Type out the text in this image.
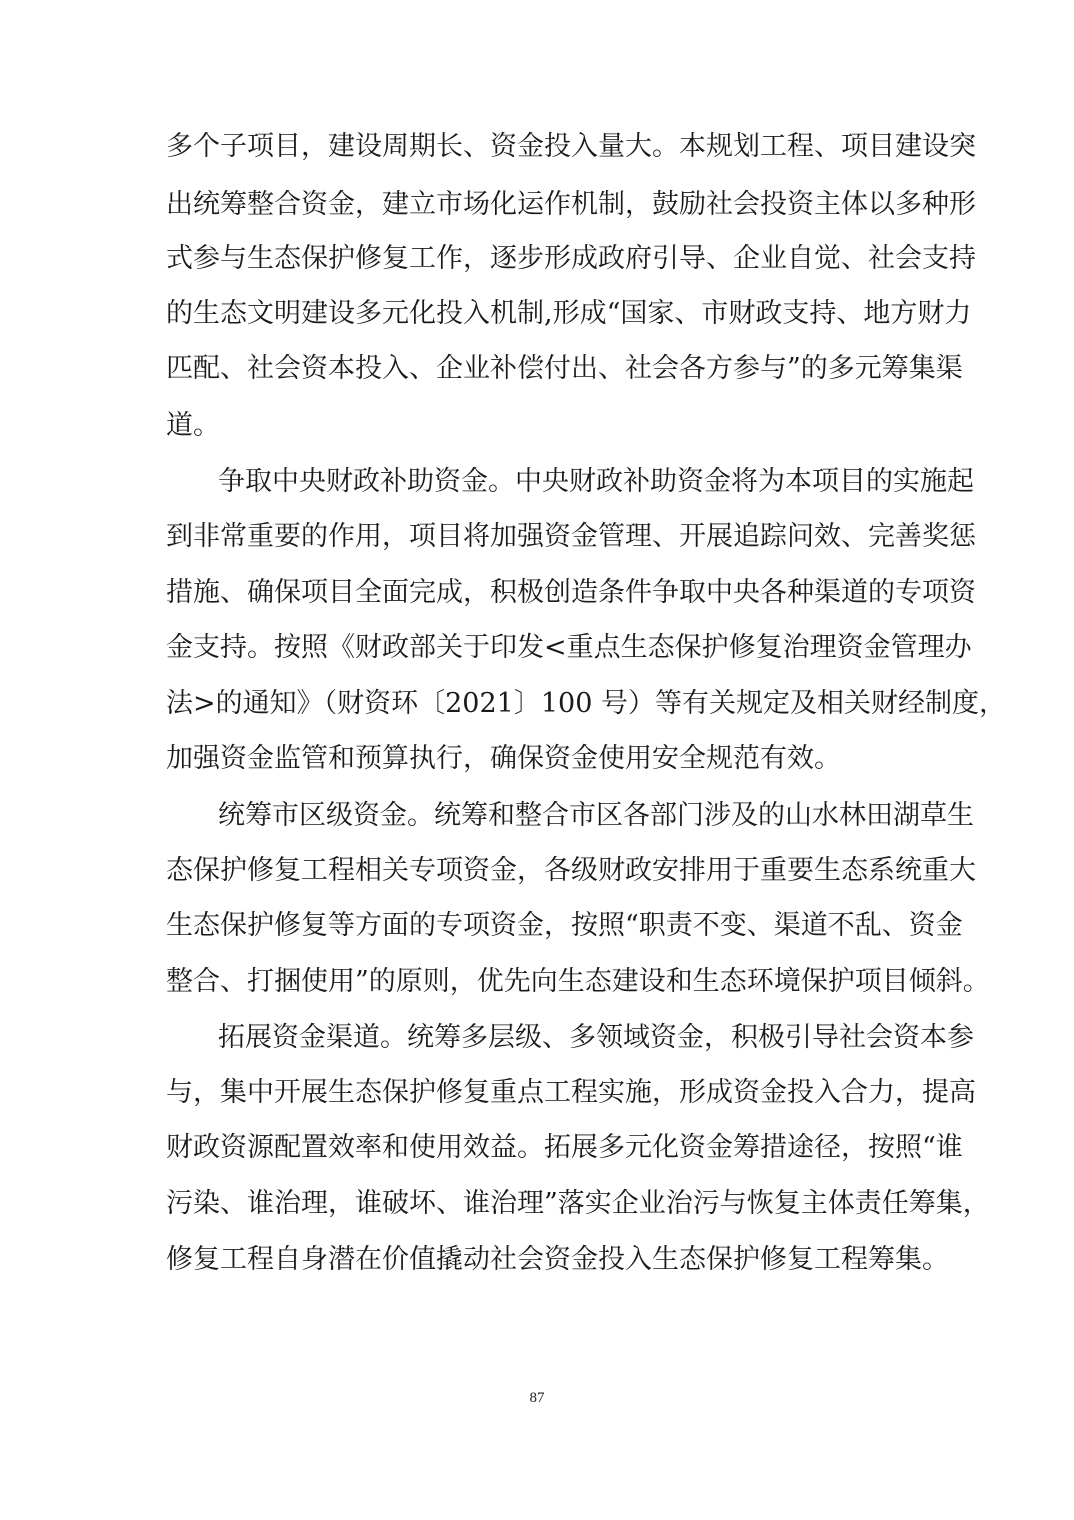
多个子项目，建设周期长、资金投入量大。本规划工程、项目建设突
出统筹整合资金，建立市场化运作机制，鼓励社会投资主体以多种形
式参与生态保护修复工作，逐步形成政府引导、企业自觉、社会支持
的生态文明建设多元化投入机制,形成“国家、市财政支持、地方财力
匹配、社会资本投入、企业补偿付出、社会各方参与”的多元筹集渠
道。
争取中央财政补助资金。中央财政补助资金将为本项目的实施起
到非常重要的作用，项目将加强资金管理、开展追踪问效、完善奖惩
措施、确保项目全面完成，积极创造条件争取中央各种渠道的专项资
金支持。按照《财政部关于印发<重点生态保护修复治理资金管理办
法>的通知》（财资环〔2021〕100 号）等有关规定及相关财经制度，
加强资金监管和预算执行，确保资金使用安全规范有效。
统筹市区级资金。统筹和整合市区各部门涉及的山水林田湖草生
态保护修复工程相关专项资金，各级财政安排用于重要生态系统重大
生态保护修复等方面的专项资金，按照“职责不变、渠道不乱、资金
整合、打捆使用”的原则，优先向生态建设和生态环境保护项目倾斜。
拓展资金渠道。统筹多层级、多领域资金，积极引导社会资本参
与，集中开展生态保护修复重点工程实施，形成资金投入合力，提高
财政资源配置效率和使用效益。拓展多元化资金筹措途径，按照“谁
污染、谁治理，谁破坏、谁治理”落实企业治污与恢复主体责任筹集，
修复工程自身潜在价值撬动社会资金投入生态保护修复工程筹集。
87
